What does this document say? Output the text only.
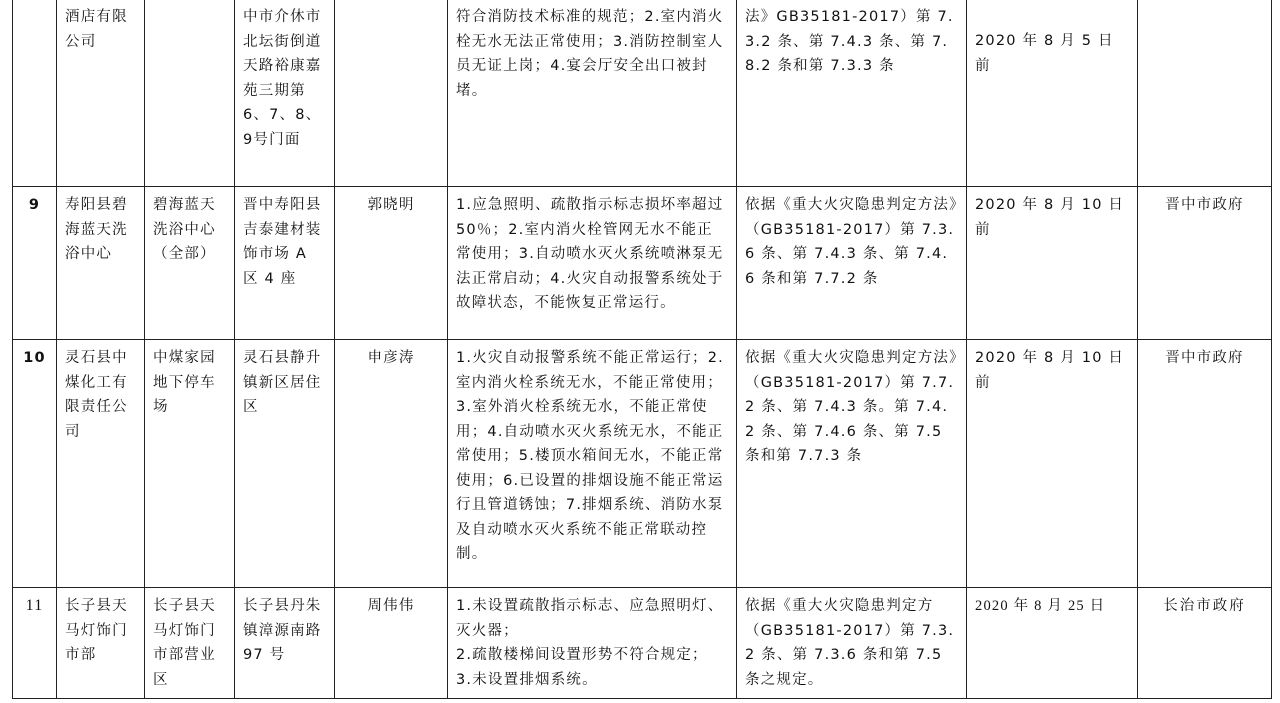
	酒店有限公司		中市介休市北坛街倒道天路裕康嘉苑三期第6、7、8、9号门面		符合消防技术标准的规范；2.室内消火栓无水无法正常使用；3.消防控制室人员无证上岗；4.宴会厅安全出口被封堵。	法》GB35181-2017）第 7.3.2 条、第 7.4.3 条、第 7.8.2 条和第 7.3.3 条	2020 年 8 月 5 日前	
9	寿阳县碧海蓝天洗浴中心	碧海蓝天洗浴中心（全部）	晋中寿阳县吉泰建材装饰市场 A 区 4 座	郭晓明	1.应急照明、疏散指示标志损坏率超过 50％；2.室内消火栓管网无水不能正常使用；3.自动喷水灭火系统喷淋泵无法正常启动；4.火灾自动报警系统处于故障状态，不能恢复正常运行。	依据《重大火灾隐患判定方法》（GB35181-2017）第 7.3.6 条、第 7.4.3 条、第 7.4.6 条和第 7.7.2 条	2020 年 8 月 10 日前	晋中市政府
10	灵石县中煤化工有限责任公司	中煤家园地下停车场	灵石县静升镇新区居住区	申彦涛	1.火灾自动报警系统不能正常运行；2.室内消火栓系统无水，不能正常使用；3.室外消火栓系统无水，不能正常使用；4.自动喷水灭火系统无水，不能正常使用；5.楼顶水箱间无水，不能正常使用；6.已设置的排烟设施不能正常运行且管道锈蚀；7.排烟系统、消防水泵及自动喷水灭火系统不能正常联动控制。	依据《重大火灾隐患判定方法》（GB35181-2017）第 7.7.2 条、第 7.4.3 条。第 7.4.2 条、第 7.4.6 条、第 7.5 条和第 7.7.3 条	2020 年 8 月 10 日前	晋中市政府
11	长子县天马灯饰门市部	长子县天马灯饰门市部营业区	长子县丹朱镇漳源南路 97 号	周伟伟	1.未设置疏散指示标志、应急照明灯、灭火器；
2.疏散楼梯间设置形势不符合规定；
3.未设置排烟系统。	依据《重大火灾隐患判定方（GB35181-2017）第 7.3.2 条、第 7.3.6 条和第 7.5 条之规定。	2020 年 8 月 25 日	长治市政府
